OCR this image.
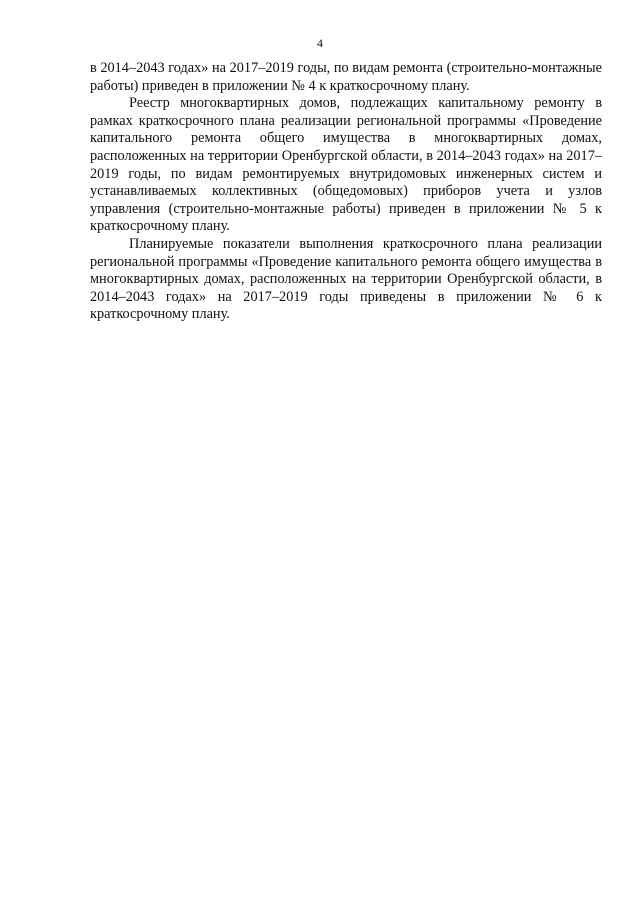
4

в 2014–2043 годах» на 2017–2019 годы, по видам ремонта (строительно-монтажные работы) приведен в приложении № 4 к краткосрочному плану.

Реестр многоквартирных домов, подлежащих капитальному ремонту в рамках краткосрочного плана реализации региональной программы «Проведение капитального ремонта общего имущества в многоквартирных домах, расположенных на территории Оренбургской области, в 2014–2043 годах» на 2017–2019 годы, по видам ремонтируемых внутридомовых инженерных систем и устанавливаемых коллективных (общедомовых) приборов учета и узлов управления (строительно-монтажные работы) приведен в приложении № 5 к краткосрочному плану.

Планируемые показатели выполнения краткосрочного плана реализации региональной программы «Проведение капитального ремонта общего имущества в многоквартирных домах, расположенных на территории Оренбургской области, в 2014–2043 годах» на 2017–2019 годы приведены в приложении № 6 к краткосрочному плану.
